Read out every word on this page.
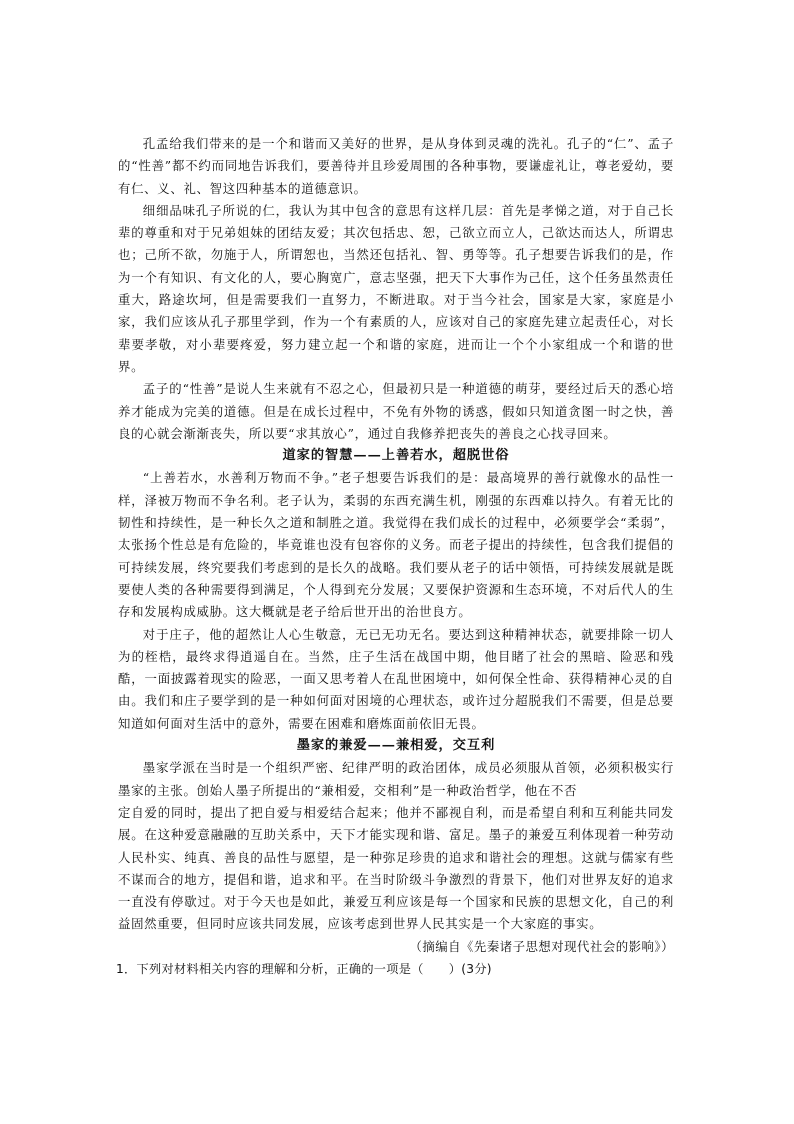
孔孟给我们带来的是一个和谐而又美好的世界，是从身体到灵魂的洗礼。孔子的“仁”、孟子的“性善”都不约而同地告诉我们，要善待并且珍爱周围的各种事物，要谦虚礼让，尊老爱幼，要有仁、义、礼、智这四种基本的道德意识。

细细品味孔子所说的仁，我认为其中包含的意思有这样几层：首先是孝悌之道，对于自己长辈的尊重和对于兄弟姐妹的团结友爱；其次包括忠、恕，己欲立而立人，己欲达而达人，所谓忠也；己所不欲，勿施于人，所谓恕也，当然还包括礼、智、勇等等。孔子想要告诉我们的是，作为一个有知识、有文化的人，要心胸宽广，意志坚强，把天下大事作为己任，这个任务虽然责任重大，路途坎坷，但是需要我们一直努力，不断进取。对于当今社会，国家是大家，家庭是小家，我们应该从孔子那里学到，作为一个有素质的人，应该对自己的家庭先建立起责任心，对长辈要孝敬，对小辈要疼爱，努力建立起一个和谐的家庭，进而让一个个小家组成一个和谐的世界。

孟子的“性善”是说人生来就有不忍之心，但最初只是一种道德的萌芽，要经过后天的悉心培养才能成为完美的道德。但是在成长过程中，不免有外物的诱惑，假如只知道贪图一时之快，善良的心就会渐渐丧失，所以要“求其放心”，通过自我修养把丧失的善良之心找寻回来。

道家的智慧——上善若水，超脱世俗

“上善若水，水善利万物而不争。”老子想要告诉我们的是：最高境界的善行就像水的品性一样，泽被万物而不争名利。老子认为，柔弱的东西充满生机，刚强的东西难以持久。有着无比的韧性和持续性，是一种长久之道和制胜之道。我觉得在我们成长的过程中，必须要学会“柔弱”，太张扬个性总是有危险的，毕竟谁也没有包容你的义务。而老子提出的持续性，包含我们提倡的可持续发展，终究要我们考虑到的是长久的战略。我们要从老子的话中领悟，可持续发展就是既要使人类的各种需要得到满足，个人得到充分发展；又要保护资源和生态环境，不对后代人的生存和发展构成威胁。这大概就是老子给后世开出的治世良方。

对于庄子，他的超然让人心生敬意，无已无功无名。要达到这种精神状态，就要排除一切人为的桎梏，最终求得逍遥自在。当然，庄子生活在战国中期，他目睹了社会的黑暗、险恶和残酷，一面披露着现实的险恶，一面又思考着人在乱世困境中，如何保全性命、获得精神心灵的自由。我们和庄子要学到的是一种如何面对困境的心理状态，或许过分超脱我们不需要，但是总要知道如何面对生活中的意外，需要在困难和磨炼面前依旧无畏。

墨家的兼爱——兼相爱，交互利

墨家学派在当时是一个组织严密、纪律严明的政治团体，成员必须服从首领，必须积极实行墨家的主张。创始人墨子所提出的“兼相爱，交相利”是一种政治哲学，他在不否

定自爱的同时，提出了把自爱与相爱结合起来；他并不鄙视自利，而是希望自利和互利能共同发展。在这种爱意融融的互助关系中，天下才能实现和谐、富足。墨子的兼爱互利体现着一种劳动人民朴实、纯真、善良的品性与愿望，是一种弥足珍贵的追求和谐社会的理想。这就与儒家有些不谋而合的地方，提倡和谐，追求和平。在当时阶级斗争激烈的背景下，他们对世界友好的追求一直没有停歇过。对于今天也是如此，兼爱互利应该是每一个国家和民族的思想文化，自己的利益固然重要，但同时应该共同发展，应该考虑到世界人民其实是一个大家庭的事实。

（摘编自《先秦诸子思想对现代社会的影响》）

1．下列对材料相关内容的理解和分析，正确的一项是（　　）(3分)
